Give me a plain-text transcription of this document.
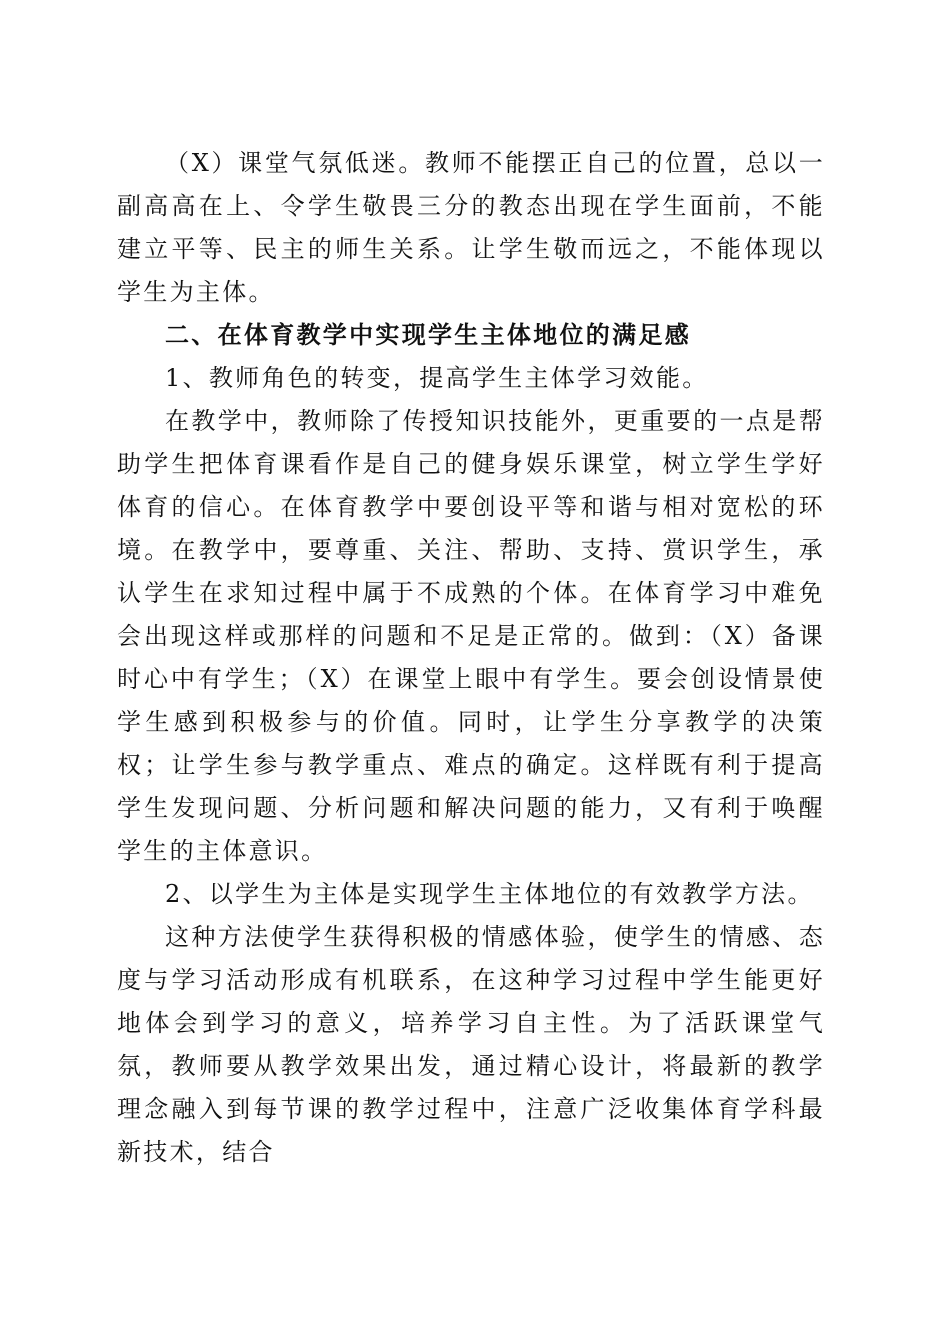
（X）课堂气氛低迷。教师不能摆正自己的位置，总以一副高高在上、令学生敬畏三分的教态出现在学生面前，不能建立平等、民主的师生关系。让学生敬而远之，不能体现以学生为主体。

二、在体育教学中实现学生主体地位的满足感

1、教师角色的转变，提高学生主体学习效能。

在教学中，教师除了传授知识技能外，更重要的一点是帮助学生把体育课看作是自己的健身娱乐课堂，树立学生学好体育的信心。在体育教学中要创设平等和谐与相对宽松的环境。在教学中，要尊重、关注、帮助、支持、赏识学生，承认学生在求知过程中属于不成熟的个体。在体育学习中难免会出现这样或那样的问题和不足是正常的。做到：（X）备课时心中有学生；（X）在课堂上眼中有学生。要会创设情景使学生感到积极参与的价值。同时，让学生分享教学的决策权；让学生参与教学重点、难点的确定。这样既有利于提高学生发现问题、分析问题和解决问题的能力，又有利于唤醒学生的主体意识。

2、以学生为主体是实现学生主体地位的有效教学方法。

这种方法使学生获得积极的情感体验，使学生的情感、态度与学习活动形成有机联系，在这种学习过程中学生能更好地体会到学习的意义，培养学习自主性。为了活跃课堂气氛，教师要从教学效果出发，通过精心设计，将最新的教学理念融入到每节课的教学过程中，注意广泛收集体育学科最新技术，结合
